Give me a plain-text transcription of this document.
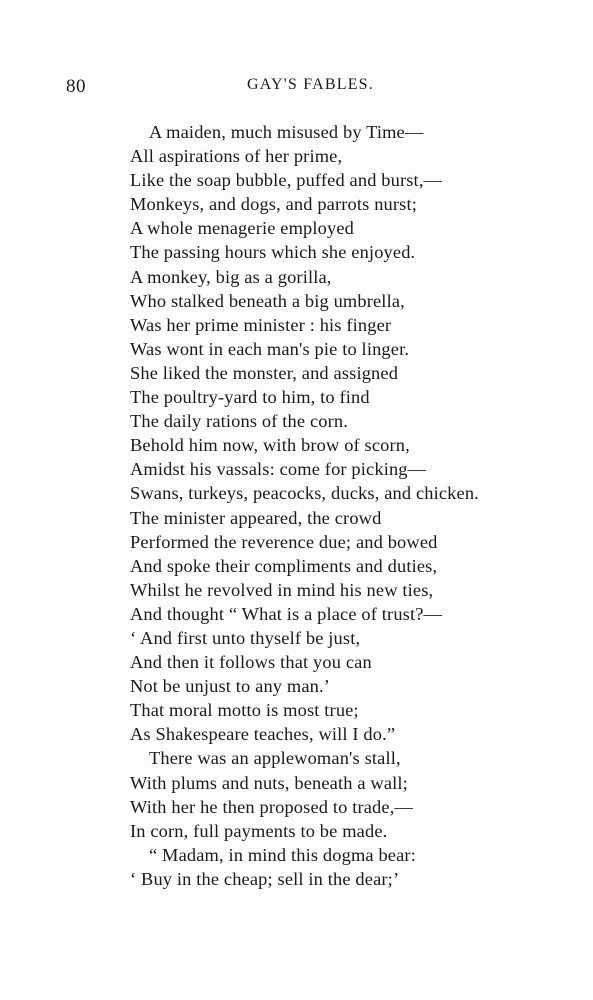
80	GAY'S FABLES.
A maiden, much misused by Time—
All aspirations of her prime,
Like the soap bubble, puffed and burst,—
Monkeys, and dogs, and parrots nurst;
A whole menagerie employed
The passing hours which she enjoyed.
A monkey, big as a gorilla,
Who stalked beneath a big umbrella,
Was her prime minister : his finger
Was wont in each man's pie to linger.
She liked the monster, and assigned
The poultry-yard to him, to find
The daily rations of the corn.
Behold him now, with brow of scorn,
Amidst his vassals: come for picking—
Swans, turkeys, peacocks, ducks, and chicken.
The minister appeared, the crowd
Performed the reverence due; and bowed
And spoke their compliments and duties,
Whilst he revolved in mind his new ties,
And thought “ What is a place of trust?—
‘ And first unto thyself be just,
And then it follows that you can
Not be unjust to any man.’
That moral motto is most true;
As Shakespeare teaches, will I do.”
There was an applewoman's stall,
With plums and nuts, beneath a wall;
With her he then proposed to trade,—
In corn, full payments to be made.
“ Madam, in mind this dogma bear:
‘ Buy in the cheap; sell in the dear;’
